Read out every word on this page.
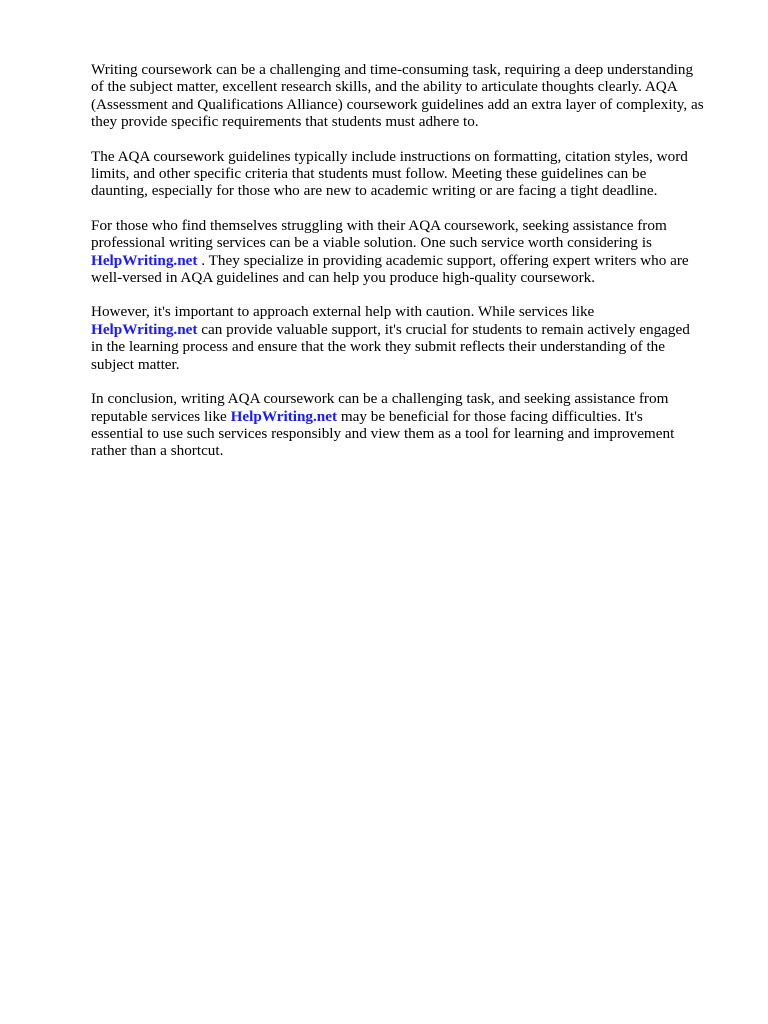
Writing coursework can be a challenging and time-consuming task, requiring a deep understanding
of the subject matter, excellent research skills, and the ability to articulate thoughts clearly. AQA
(Assessment and Qualifications Alliance) coursework guidelines add an extra layer of complexity, as
they provide specific requirements that students must adhere to.

The AQA coursework guidelines typically include instructions on formatting, citation styles, word
limits, and other specific criteria that students must follow. Meeting these guidelines can be
daunting, especially for those who are new to academic writing or are facing a tight deadline.

For those who find themselves struggling with their AQA coursework, seeking assistance from
professional writing services can be a viable solution. One such service worth considering is
HelpWriting.net . They specialize in providing academic support, offering expert writers who are
well-versed in AQA guidelines and can help you produce high-quality coursework.

However, it's important to approach external help with caution. While services like
HelpWriting.net can provide valuable support, it's crucial for students to remain actively engaged
in the learning process and ensure that the work they submit reflects their understanding of the
subject matter.

In conclusion, writing AQA coursework can be a challenging task, and seeking assistance from
reputable services like HelpWriting.net may be beneficial for those facing difficulties. It's
essential to use such services responsibly and view them as a tool for learning and improvement
rather than a shortcut.
